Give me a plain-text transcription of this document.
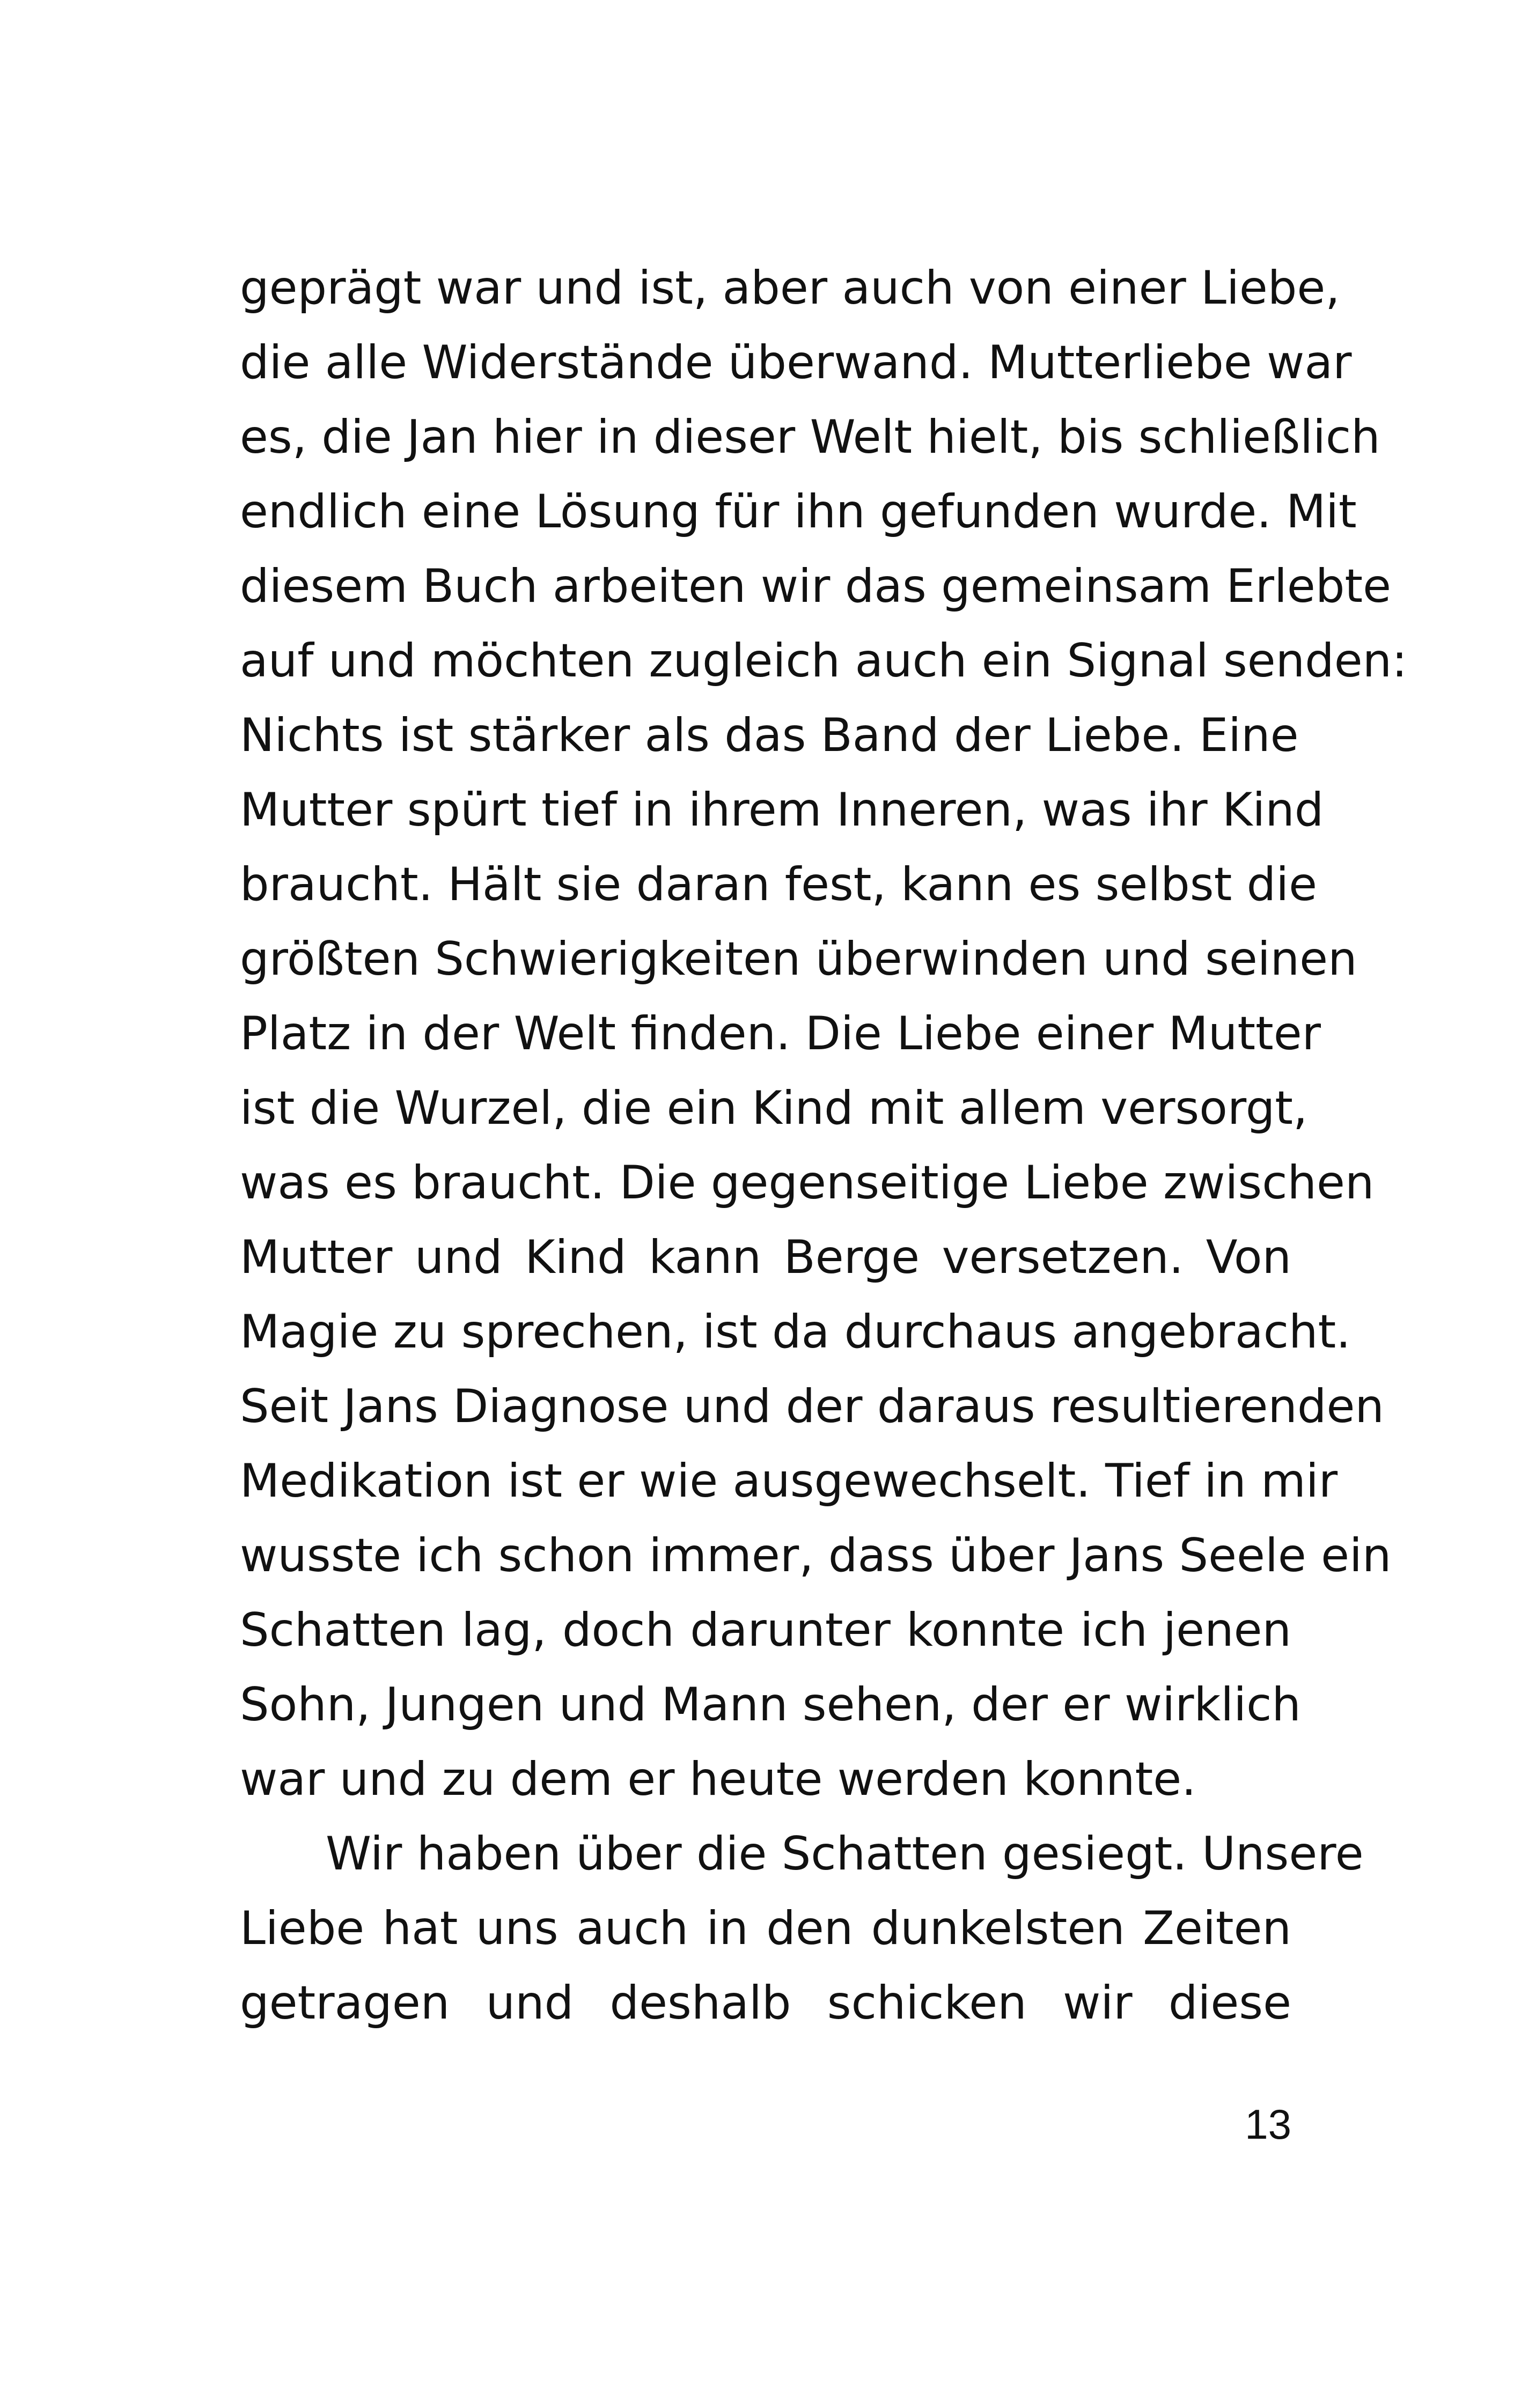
geprägt war und ist, aber auch von einer Liebe,
die alle Widerstände überwand. Mutterliebe war
es, die Jan hier in dieser Welt hielt, bis schließlich
endlich eine Lösung für ihn gefunden wurde. Mit
diesem Buch arbeiten wir das gemeinsam Erlebte
auf und möchten zugleich auch ein Signal senden:
Nichts ist stärker als das Band der Liebe. Eine
Mutter spürt tief in ihrem Inneren, was ihr Kind
braucht. Hält sie daran fest, kann es selbst die
größten Schwierigkeiten überwinden und seinen
Platz in der Welt finden. Die Liebe einer Mutter
ist die Wurzel, die ein Kind mit allem versorgt,
was es braucht. Die gegenseitige Liebe zwischen
Mutter und Kind kann Berge versetzen. Von
Magie zu sprechen, ist da durchaus angebracht.
Seit Jans Diagnose und der daraus resultierenden
Medikation ist er wie ausgewechselt. Tief in mir
wusste ich schon immer, dass über Jans Seele ein
Schatten lag, doch darunter konnte ich jenen
Sohn, Jungen und Mann sehen, der er wirklich
war und zu dem er heute werden konnte.
Wir haben über die Schatten gesiegt. Unsere
Liebe hat uns auch in den dunkelsten Zeiten
getragen und deshalb schicken wir diese
13
